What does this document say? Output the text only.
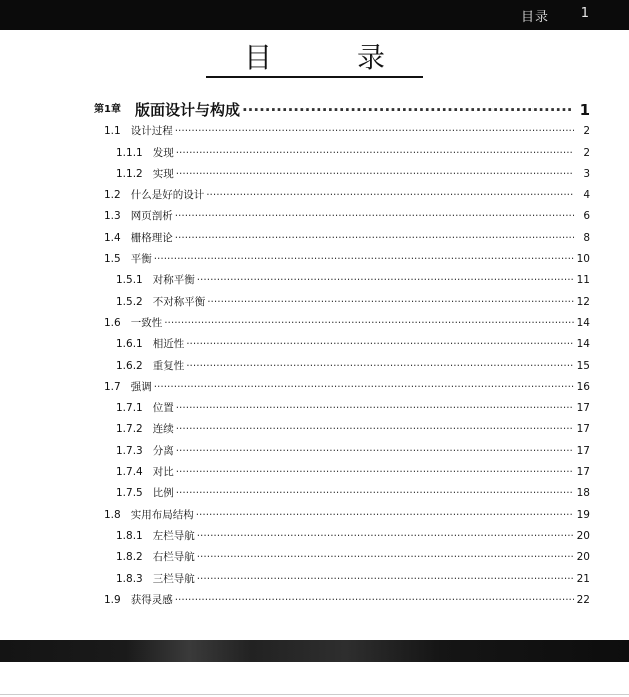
目录 1
目 录
第1章 版面设计与构成 ·····	1
1.1 设计过程 ·····	2
1.1.1 发现 ·····	2
1.1.2 实现 ·····	3
1.2 什么是好的设计 ·····	4
1.3 网页剖析 ·····	6
1.4 栅格理论 ·····	8
1.5 平衡 ·····	10
1.5.1 对称平衡 ·····	11
1.5.2 不对称平衡 ·····	12
1.6 一致性 ·····	14
1.6.1 相近性 ·····	14
1.6.2 重复性 ·····	15
1.7 强调 ·····	16
1.7.1 位置 ·····	17
1.7.2 连续 ·····	17
1.7.3 分离 ·····	17
1.7.4 对比 ·····	17
1.7.5 比例 ·····	18
1.8 实用布局结构 ·····	19
1.8.1 左栏导航 ·····	20
1.8.2 右栏导航 ·····	20
1.8.3 三栏导航 ·····	21
1.9 获得灵感 ·····	22
